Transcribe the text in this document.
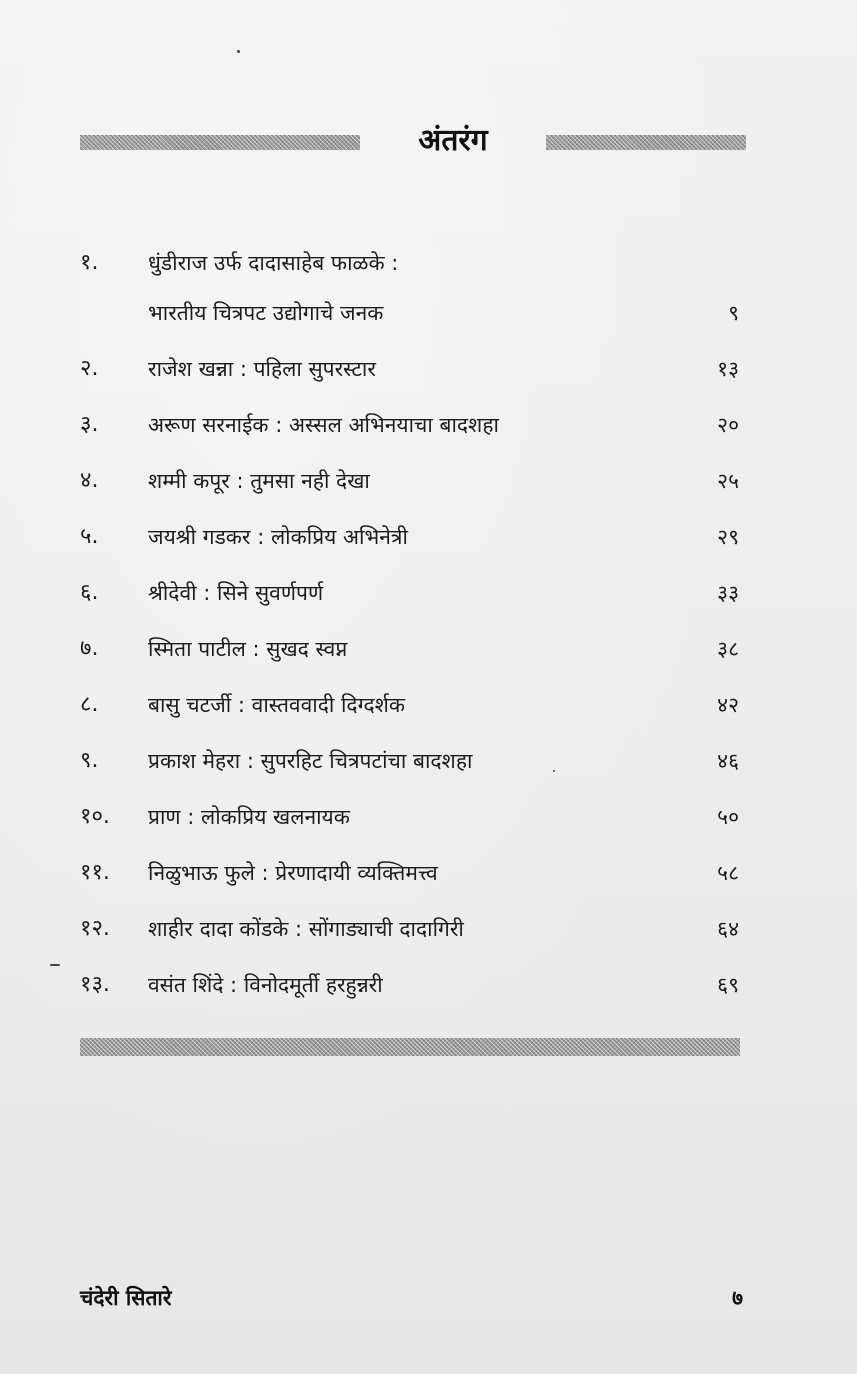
अंतरंग
१.	धुंडीराज उर्फ दादासाहेब फाळके :
भारतीय चित्रपट उद्योगाचे जनक	९
२.	राजेश खन्ना : पहिला सुपरस्टार	१३
३.	अरूण सरनाईक : अस्सल अभिनयाचा बादशहा	२०
४.	शम्मी कपूर : तुमसा नही देखा	२५
५.	जयश्री गडकर : लोकप्रिय अभिनेत्री	२९
६.	श्रीदेवी : सिने सुवर्णपर्ण	३३
७.	स्मिता पाटील : सुखद स्वप्न	३८
८.	बासु चटर्जी : वास्तववादी दिग्दर्शक	४२
९.	प्रकाश मेहरा : सुपरहिट चित्रपटांचा बादशहा	४६
१०.	प्राण : लोकप्रिय खलनायक	५०
११.	निळुभाऊ फुले : प्रेरणादायी व्यक्तिमत्त्व	५८
१२.	शाहीर दादा कोंडके : सोंगाड्याची दादागिरी	६४
१३.	वसंत शिंदे : विनोदमूर्ती हरहुन्नरी	६९
चंदेरी सितारे	७
